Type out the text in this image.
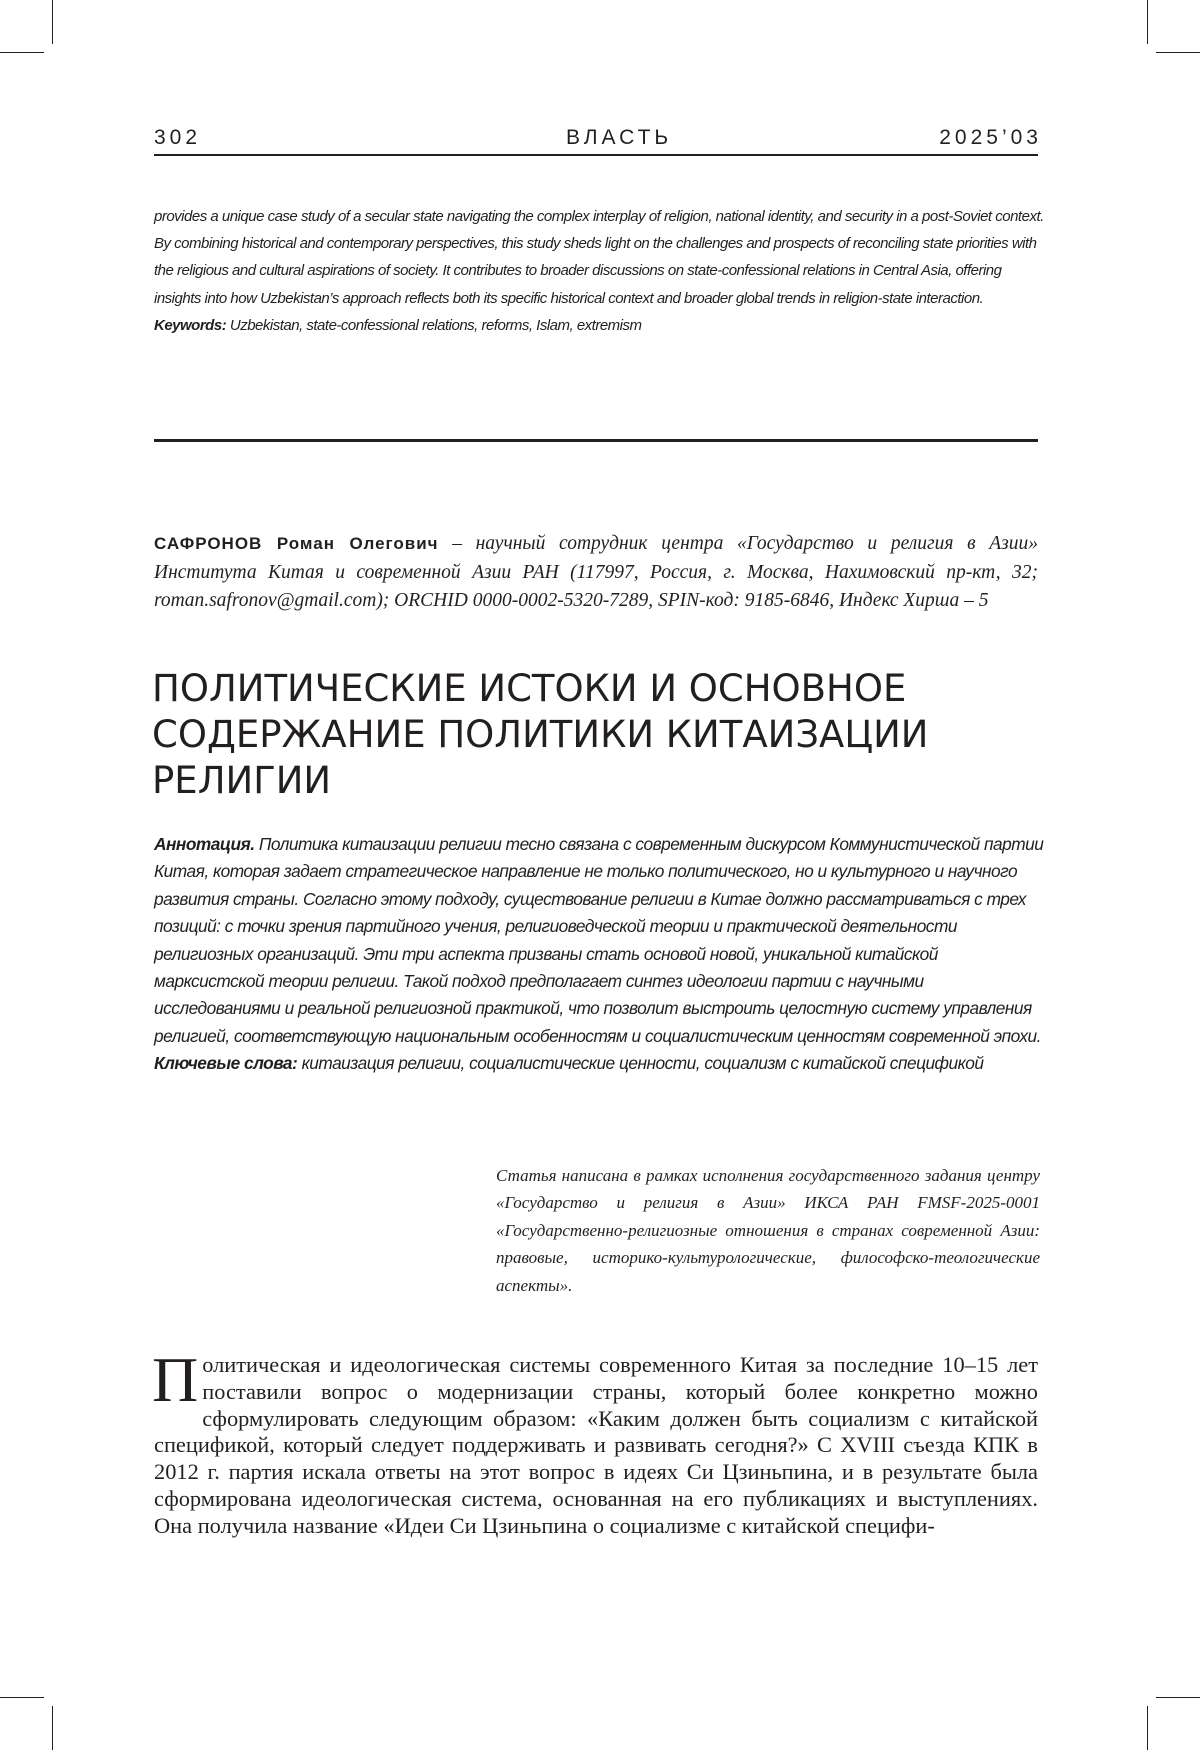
302	ВЛАСТЬ	2025’03

provides a unique case study of a secular state navigating the complex interplay of religion, national identity, and security in a post-Soviet context.

By combining historical and contemporary perspectives, this study sheds light on the challenges and prospects of reconciling state priorities with the religious and cultural aspirations of society. It contributes to broader discussions on state-confessional relations in Central Asia, offering insights into how Uzbekistan’s approach reflects both its specific historical context and broader global trends in religion-state interaction.

Keywords: Uzbekistan, state-confessional relations, reforms, Islam, extremism

САФРОНОВ Роман Олегович – научный сотрудник центра «Государство и религия в Азии» Института Китая и современной Азии РАН (117997, Россия, г. Москва, Нахимовский пр-кт, 32; roman.safronov@gmail.com); ORCHID 0000-0002-5320-7289, SPIN-код: 9185-6846, Индекс Хирша – 5
ПОЛИТИЧЕСКИЕ ИСТОКИ И ОСНОВНОЕ СОДЕРЖАНИЕ ПОЛИТИКИ КИТАИЗАЦИИ РЕЛИГИИ

Аннотация. Политика китаизации религии тесно связана с современным дискурсом Коммунистической партии Китая, которая задает стратегическое направление не только политического, но и культурного и научного развития страны. Согласно этому подходу, существование религии в Китае должно рассматриваться с трех позиций: с точки зрения партийного учения, религиоведческой теории и практической деятельности религиозных организаций. Эти три аспекта призваны стать основой новой, уникальной китайской марксистской теории религии. Такой подход предполагает синтез идеологии партии с научными исследованиями и реальной религиозной практикой, что позволит выстроить целостную систему управления религией, соответствующую национальным особенностям и социалистическим ценностям современной эпохи.

Ключевые слова: китаизация религии, социалистические ценности, социализм с китайской спецификой

Статья написана в рамках исполнения государственного задания центру «Государство и религия в Азии» ИКСА РАН FMSF-2025-0001 «Государственно-религиозные отношения в странах современной Азии: правовые, историко-культурологические, философско-теологические аспекты».

Политическая и идеологическая системы современного Китая за последние 10–15 лет поставили вопрос о модернизации страны, который более конкретно можно сформулировать следующим образом: «Каким должен быть социализм с китайской спецификой, который следует поддерживать и развивать сегодня?» С XVIII съезда КПК в 2012 г. партия искала ответы на этот вопрос в идеях Си Цзиньпина, и в результате была сформирована идеологическая система, основанная на его публикациях и выступлениях. Она получила название «Идеи Си Цзиньпина о социализме с китайской специфи-
